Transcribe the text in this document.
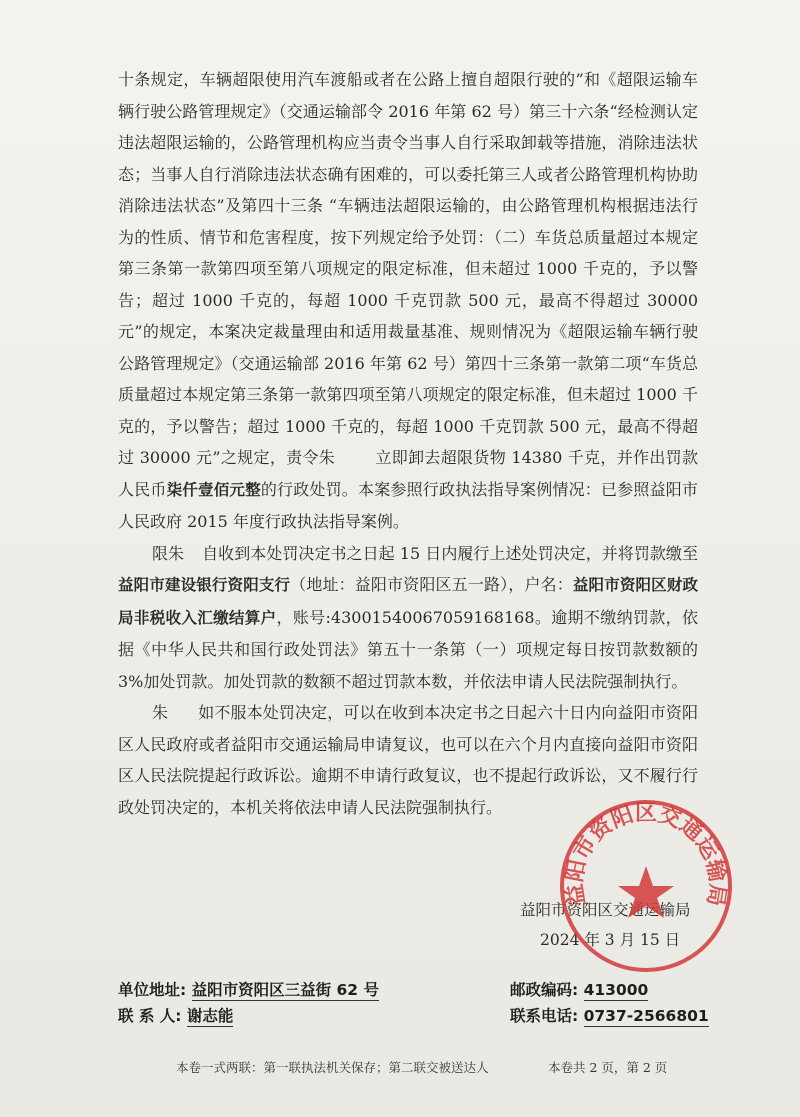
十条规定，车辆超限使用汽车渡船或者在公路上擅自超限行驶的”和《超限运输车辆行驶公路管理规定》（交通运输部令 2016 年第 62 号）第三十六条“经检测认定违法超限运输的，公路管理机构应当责令当事人自行采取卸载等措施，消除违法状态；当事人自行消除违法状态确有困难的，可以委托第三人或者公路管理机构协助消除违法状态”及第四十三条 “车辆违法超限运输的，由公路管理机构根据违法行为的性质、情节和危害程度，按下列规定给予处罚：（二）车货总质量超过本规定第三条第一款第四项至第八项规定的限定标准，但未超过 1000 千克的，予以警告；超过 1000 千克的，每超 1000 千克罚款 500 元，最高不得超过 30000 元”的规定，本案决定裁量理由和适用裁量基准、规则情况为《超限运输车辆行驶公路管理规定》（交通运输部 2016 年第 62 号）第四十三条第一款第二项“车货总质量超过本规定第三条第一款第四项至第八项规定的限定标准，但未超过 1000 千克的，予以警告；超过 1000 千克的，每超 1000 千克罚款 500 元，最高不得超过 30000 元”之规定，责令朱	立即卸去超限货物 14380 千克，并作出罚款人民币柒仟壹佰元整的行政处罚。本案参照行政执法指导案例情况：已参照益阳市人民政府 2015 年度行政执法指导案例。

限朱 自收到本处罚决定书之日起 15 日内履行上述处罚决定，并将罚款缴至益阳市建设银行资阳支行（地址：益阳市资阳区五一路），户名：益阳市资阳区财政局非税收入汇缴结算户，账号:43001540067059168168。逾期不缴纳罚款，依据《中华人民共和国行政处罚法》第五十一条第（一）项规定每日按罚款数额的 3%加处罚款。加处罚款的数额不超过罚款本数，并依法申请人民法院强制执行。

朱 如不服本处罚决定，可以在收到本决定书之日起六十日内向益阳市资阳区人民政府或者益阳市交通运输局申请复议，也可以在六个月内直接向益阳市资阳区人民法院提起行政诉讼。逾期不申请行政复议，也不提起行政诉讼，又不履行行政处罚决定的，本机关将依法申请人民法院强制执行。

益阳市资阳区交通运输局
2024 年 3 月 15 日
益阳市资阳区交通运输局
单位地址: 益阳市资阳区三益街 62 号
联 系 人: 谢志能
邮政编码: 413000
联系电话: 0737-2566801
本卷一式两联：第一联执法机关保存；第二联交被送达人	本卷共 2 页，第 2 页
